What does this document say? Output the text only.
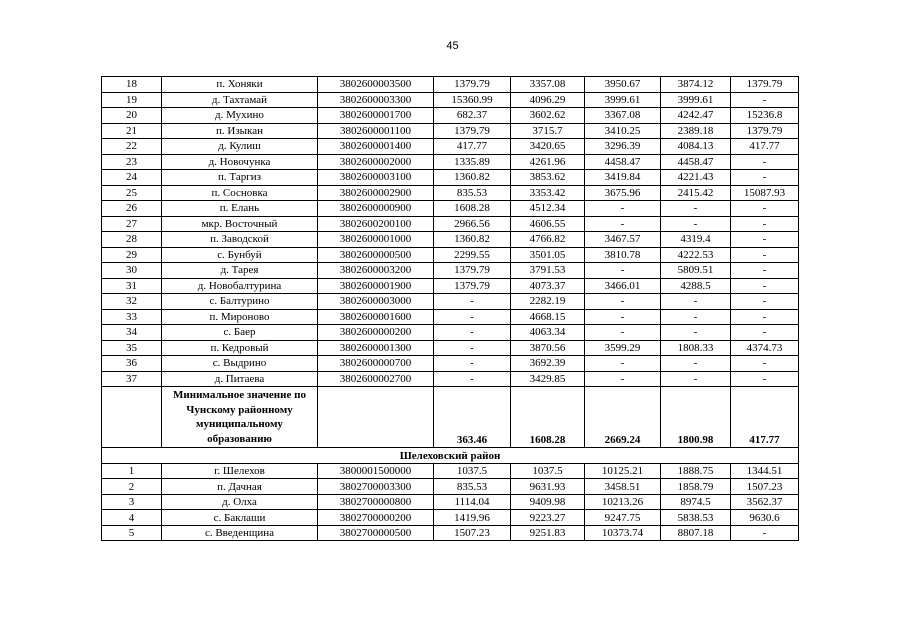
45
18	п. Хоняки	3802600003500	1379.79	3357.08	3950.67	3874.12	1379.79
19	д. Тахтамай	3802600003300	15360.99	4096.29	3999.61	3999.61	-
20	д. Мухино	3802600001700	682.37	3602.62	3367.08	4242.47	15236.8
21	п. Изыкан	3802600001100	1379.79	3715.7	3410.25	2389.18	1379.79
22	д. Кулиш	3802600001400	417.77	3420.65	3296.39	4084.13	417.77
23	д. Новочунка	3802600002000	1335.89	4261.96	4458.47	4458.47	-
24	п. Таргиз	3802600003100	1360.82	3853.62	3419.84	4221.43	-
25	п. Сосновка	3802600002900	835.53	3353.42	3675.96	2415.42	15087.93
26	п. Елань	3802600000900	1608.28	4512.34	-	-	-
27	мкр. Восточный	3802600200100	2966.56	4606.55	-	-	-
28	п. Заводской	3802600001000	1360.82	4766.82	3467.57	4319.4	-
29	с. Бунбуй	3802600000500	2299.55	3501.05	3810.78	4222.53	-
30	д. Тарея	3802600003200	1379.79	3791.53	-	5809.51	-
31	д. Новобалтурина	3802600001900	1379.79	4073.37	3466.01	4288.5	-
32	с. Балтурино	3802600003000	-	2282.19	-	-	-
33	п. Мироново	3802600001600	-	4668.15	-	-	-
34	с. Баер	3802600000200	-	4063.34	-	-	-
35	п. Кедровый	3802600001300	-	3870.56	3599.29	1808.33	4374.73
36	с. Выдрино	3802600000700	-	3692.39	-	-	-
37	д. Питаева	3802600002700	-	3429.85	-	-	-
	Минимальное значение по Чунскому районному муниципальному образованию		363.46	1608.28	2669.24	1800.98	417.77
Шелеховский район							
1	г. Шелехов	3800001500000	1037.5	1037.5	10125.21	1888.75	1344.51
2	п. Дачная	3802700003300	835.53	9631.93	3458.51	1858.79	1507.23
3	д. Олха	3802700000800	1114.04	9409.98	10213.26	8974.5	3562.37
4	с. Баклаши	3802700000200	1419.96	9223.27	9247.75	5838.53	9630.6
5	с. Введенщина	3802700000500	1507.23	9251.83	10373.74	8807.18	-
